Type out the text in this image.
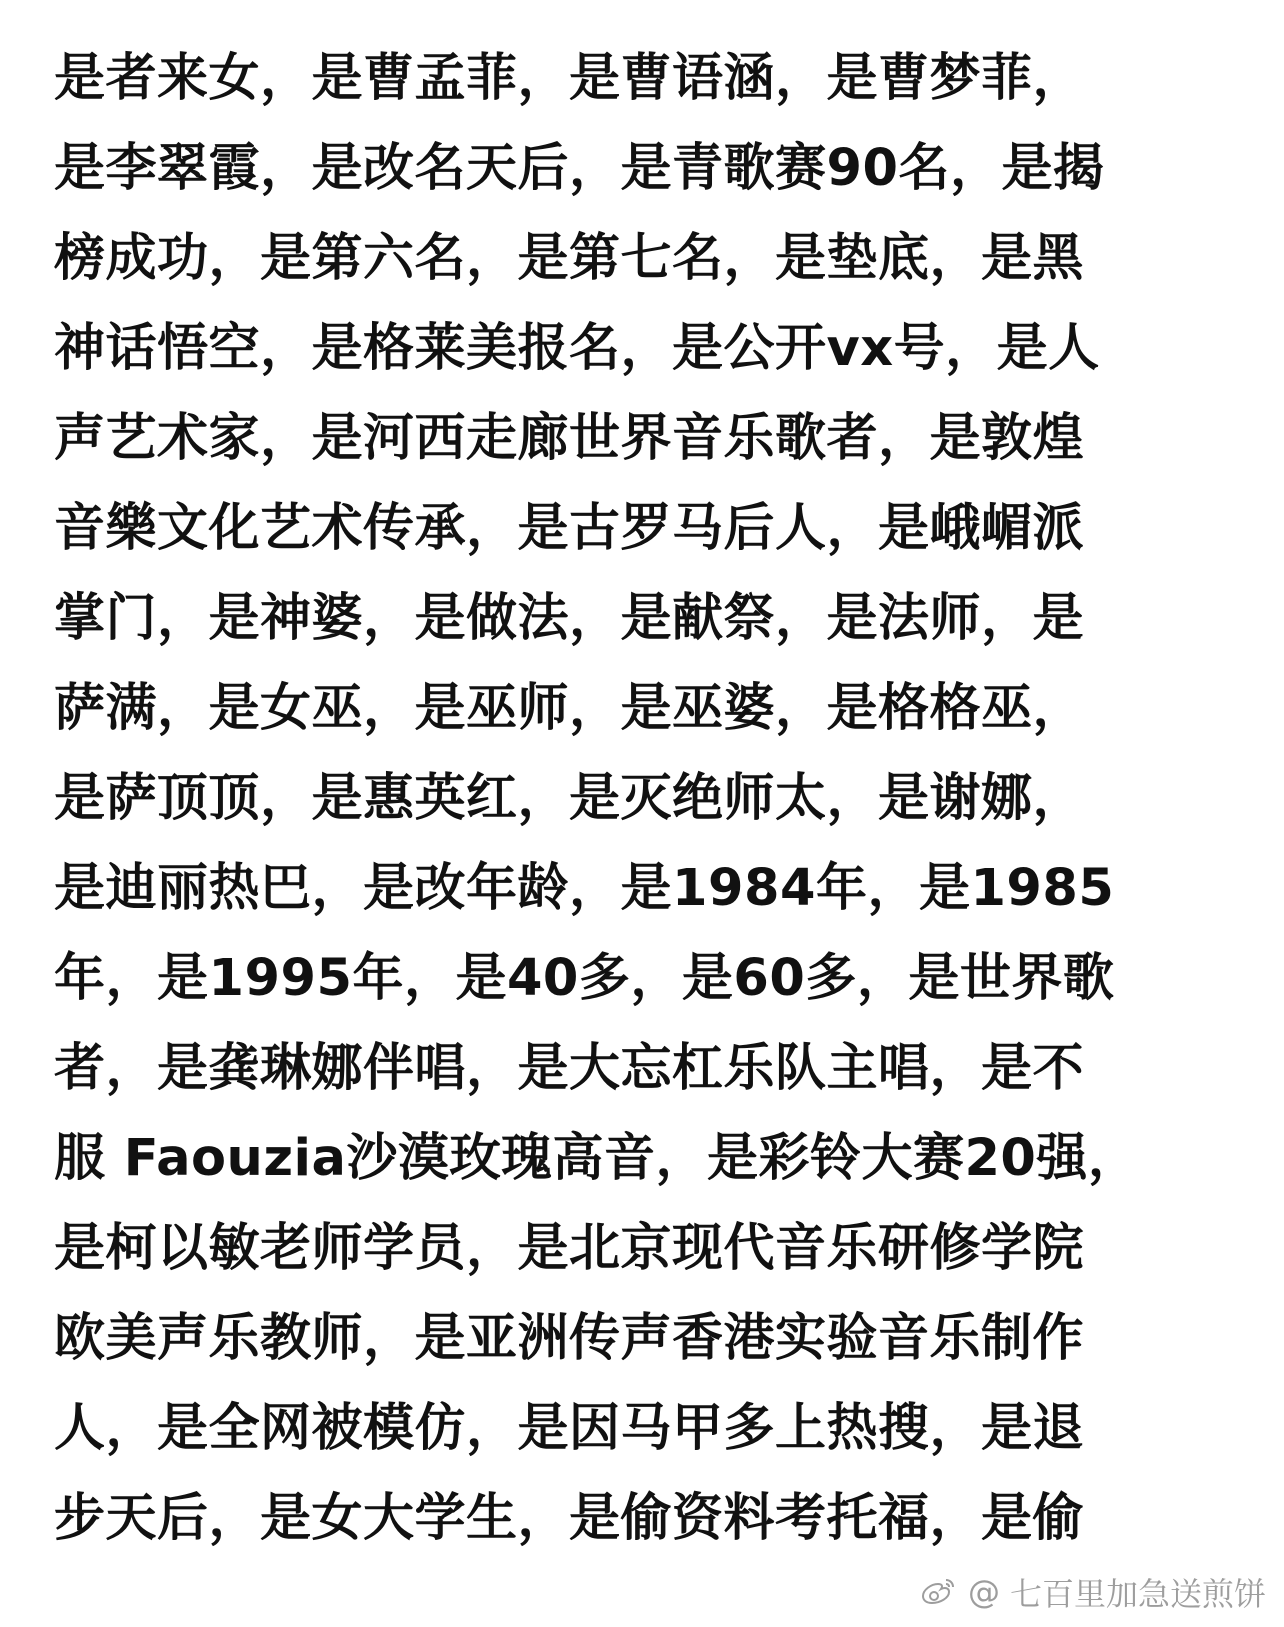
是者来女，是曹孟菲，是曹语涵，是曹梦菲，
是李翠霞，是改名天后，是青歌赛90名，是揭
榜成功，是第六名，是第七名，是垫底，是黑
神话悟空，是格莱美报名，是公开vx号，是人
声艺术家，是河西走廊世界音乐歌者，是敦煌
音樂文化艺术传承，是古罗马后人，是峨嵋派
掌门，是神婆，是做法，是献祭，是法师，是
萨满，是女巫，是巫师，是巫婆，是格格巫，
是萨顶顶，是惠英红，是灭绝师太，是谢娜，
是迪丽热巴，是改年龄，是1984年，是1985
年，是1995年，是40多，是60多，是世界歌
者，是龚琳娜伴唱，是大忘杠乐队主唱，是不
服 Faouzia沙漠玫瑰高音，是彩铃大赛20强，
是柯以敏老师学员，是北京现代音乐研修学院
欧美声乐教师，是亚洲传声香港实验音乐制作
人，是全网被模仿，是因马甲多上热搜，是退
步天后，是女大学生，是偷资料考托福，是偷
@ 七百里加急送煎饼
